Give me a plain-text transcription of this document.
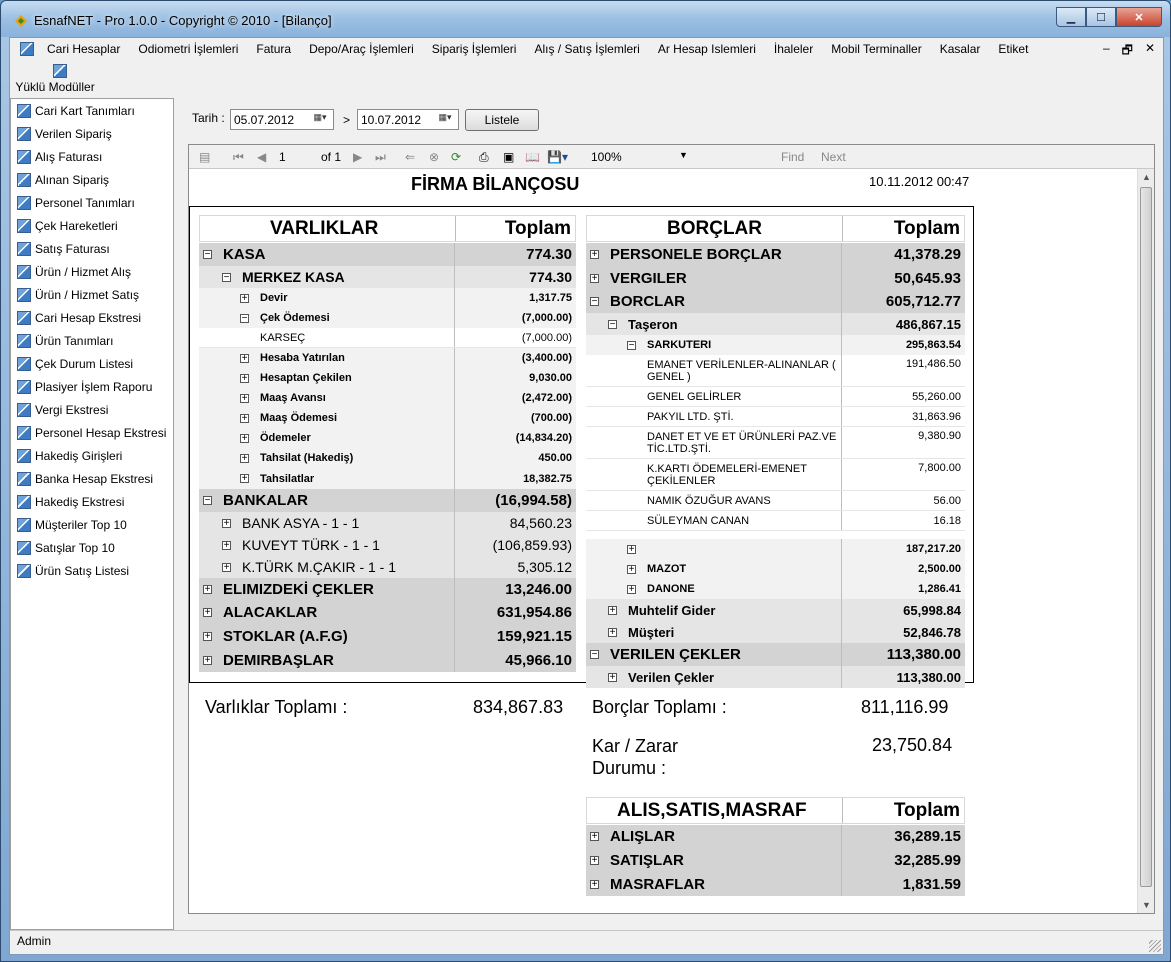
EsnafNET - Pro 1.0.0 - Copyright © 2010 - [Bilanço]	▁	☐	✕
Cari Hesaplar	Odiometri İşlemleri	Fatura	Depo/Araç İşlemleri	Sipariş İşlemleri	Alış / Satış İşlemleri	Ar Hesap Islemleri	İhaleler	Mobil Terminaller	Kasalar	Etiket	– 🗗 ✕
Yüklü Modüller
Cari Kart Tanımları
Verilen Sipariş
Alış Faturası
Alınan Sipariş
Personel Tanımları
Çek Hareketleri
Satış Faturası
Ürün / Hizmet Alış
Ürün / Hizmet Satış
Cari Hesap Ekstresi
Ürün Tanımları
Çek Durum Listesi
Plasiyer İşlem Raporu
Vergi Ekstresi
Personel Hesap Ekstresi
Hakediş Girişleri
Banka Hesap Ekstresi
Hakediş Ekstresi
Müşteriler Top 10
Satışlar Top 10
Ürün Satış Listesi
Tarih : 05.07.2012	▦▾	> 10.07.2012	▦▾	Listele
▤ ⏮ ◀ 1	of 1 ▶ ⏭ ⇐ ⊗ ⟳ ⎙ ▣ 📖 💾▾ 100%	▼	Find Next
FİRMA BİLANÇOSU	10.11.2012 00:47
VARLIKLAR	Toplam
− KASA	774.30
− MERKEZ KASA	774.30
+ Devir	1,317.75
− Çek Ödemesi	(7,000.00)
KARSEÇ	(7,000.00)
+ Hesaba Yatırılan	(3,400.00)
+ Hesaptan Çekilen	9,030.00
+ Maaş Avansı	(2,472.00)
+ Maaş Ödemesi	(700.00)
+ Ödemeler	(14,834.20)
+ Tahsilat (Hakediş)	450.00
+ Tahsilatlar	18,382.75
− BANKALAR	(16,994.58)
+ BANK ASYA - 1 - 1	84,560.23
+ KUVEYT TÜRK - 1 - 1	(106,859.93)
+ K.TÜRK M.ÇAKIR - 1 - 1	5,305.12
+ ELIMIZDEKİ ÇEKLER	13,246.00
+ ALACAKLAR	631,954.86
+ STOKLAR (A.F.G)	159,921.15
+ DEMIRBAŞLAR	45,966.10
BORÇLAR	Toplam
+ PERSONELE BORÇLAR	41,378.29
+ VERGILER	50,645.93
− BORCLAR	605,712.77
− Taşeron	486,867.15
− SARKUTERI	295,863.54
EMANET VERİLENLER-ALINANLAR ( GENEL )
191,486.50
GENEL GELİRLER	55,260.00
PAKYIL LTD. ŞTİ.	31,863.96
DANET ET VE ET ÜRÜNLERİ PAZ.VE TİC.LTD.ŞTİ.
9,380.90
K.KARTI ÖDEMELERİ-EMENET ÇEKİLENLER
7,800.00
NAMIK ÖZUĞUR AVANS	56.00
SÜLEYMAN CANAN	16.18
+	187,217.20
+ MAZOT	2,500.00
+ DANONE	1,286.41
+ Muhtelif Gider	65,998.84
+ Müşteri	52,846.78
− VERILEN ÇEKLER	113,380.00
+ Verilen Çekler	113,380.00
Varlıklar Toplamı :	834,867.83 Borçlar Toplamı :	811,116.99
Kar / Zarar Durumu :
23,750.84
ALIS,SATIS,MASRAF	Toplam
+ ALIŞLAR	36,289.15
+ SATIŞLAR	32,285.99
+ MASRAFLAR	1,831.59
▲
▼
Admin
